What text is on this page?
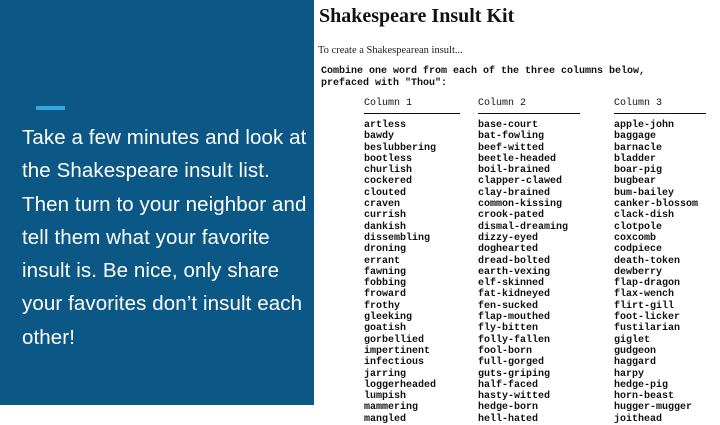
Take a few minutes and look at the Shakespeare insult list. Then turn to your neighbor and tell them what your favorite insult is. Be nice, only share your favorites don’t insult each other!

Shakespeare Insult Kit

To create a Shakespearean insult...

Combine one word from each of the three columns below,
prefaced with "Thou":
Column 1
artless
bawdy
beslubbering
bootless
churlish
cockered
clouted
craven
currish
dankish
dissembling
droning
errant
fawning
fobbing
froward
frothy
gleeking
goatish
gorbellied
impertinent
infectious
jarring
loggerheaded
lumpish
mammering
mangled
Column 2
base-court
bat-fowling
beef-witted
beetle-headed
boil-brained
clapper-clawed
clay-brained
common-kissing
crook-pated
dismal-dreaming
dizzy-eyed
doghearted
dread-bolted
earth-vexing
elf-skinned
fat-kidneyed
fen-sucked
flap-mouthed
fly-bitten
folly-fallen
fool-born
full-gorged
guts-griping
half-faced
hasty-witted
hedge-born
hell-hated
Column 3
apple-john
baggage
barnacle
bladder
boar-pig
bugbear
bum-bailey
canker-blossom
clack-dish
clotpole
coxcomb
codpiece
death-token
dewberry
flap-dragon
flax-wench
flirt-gill
foot-licker
fustilarian
giglet
gudgeon
haggard
harpy
hedge-pig
horn-beast
hugger-mugger
joithead
